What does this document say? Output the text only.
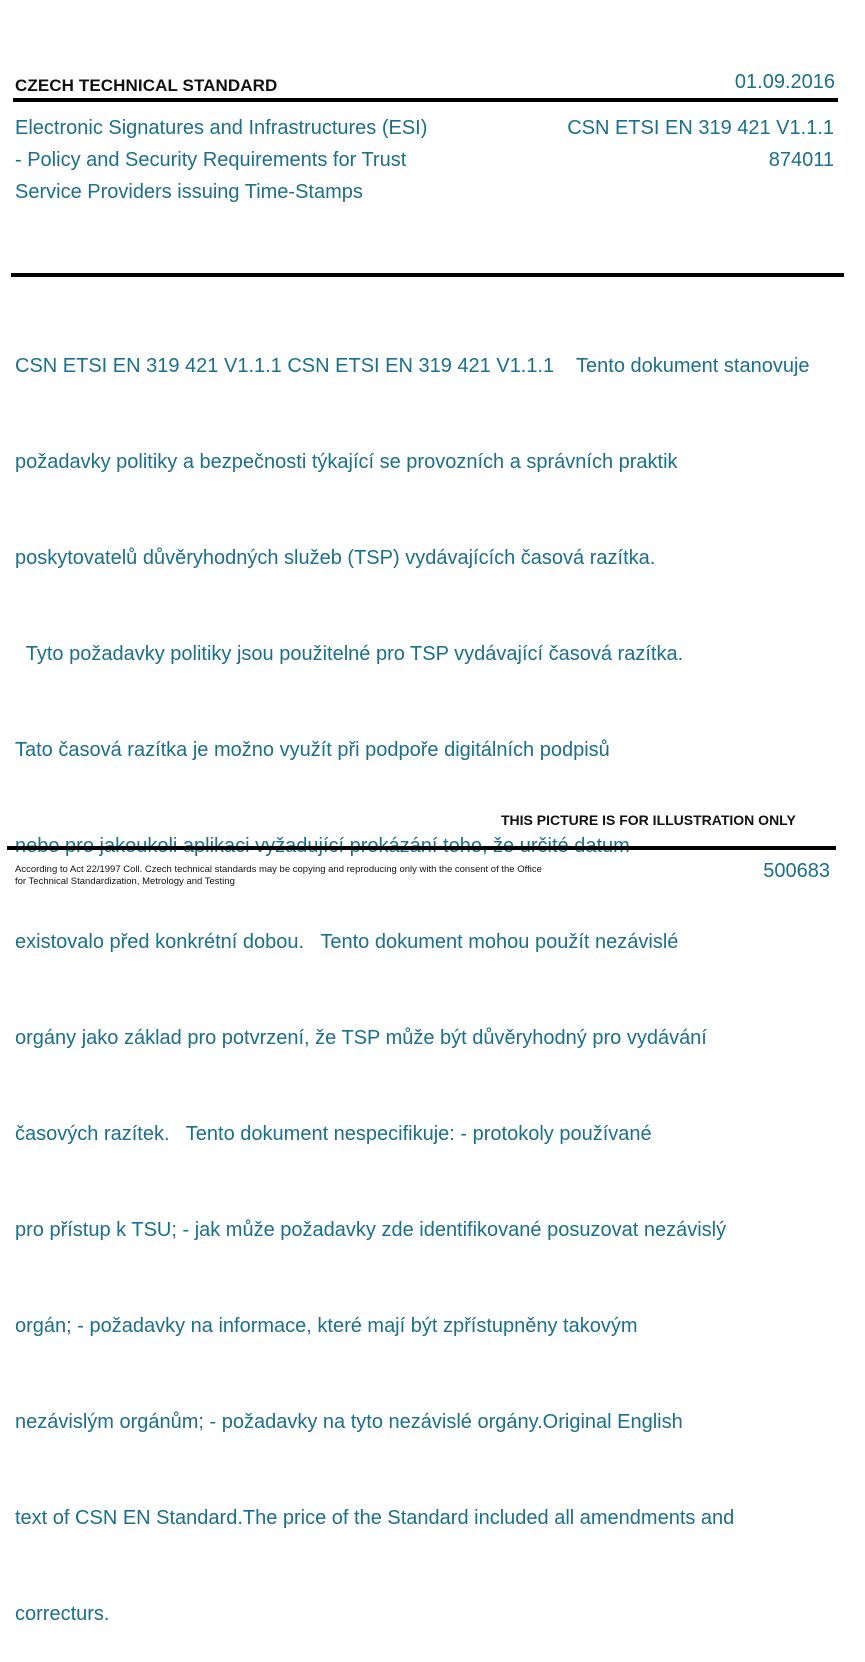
CZECH TECHNICAL STANDARD	01.09.2016
Electronic Signatures and Infrastructures (ESI)
- Policy and Security Requirements for Trust
Service Providers issuing Time-Stamps
CSN ETSI EN 319 421 V1.1.1
874011

CSN ETSI EN 319 421 V1.1.1 CSN ETSI EN 319 421 V1.1.1    Tento dokument stanovuje

požadavky politiky a bezpečnosti týkající se provozních a správních praktik

poskytovatelů důvěryhodných služeb (TSP) vydávajících časová razítka.

Tyto požadavky politiky jsou použitelné pro TSP vydávající časová razítka.

Tato časová razítka je možno využít při podpoře digitálních podpisů

existovalo před konkrétní dobou.   Tento dokument mohou použít nezávislé

orgány jako základ pro potvrzení, že TSP může být důvěryhodný pro vydávání

časových razítek.   Tento dokument nespecifikuje: - protokoly používané

pro přístup k TSU; - jak může požadavky zde identifikované posuzovat nezávislý

orgán; - požadavky na informace, které mají být zpřístupněny takovým

nezávislým orgánům; - požadavky na tyto nezávislé orgány.Original English

text of CSN EN Standard.The price of the Standard included all amendments and

correcturs.

THIS PICTURE IS FOR ILLUSTRATION ONLY
According to Act 22/1997 Coll. Czech technical standards may be copying and reproducing only with the consent of the Office
for Technical Standardization, Metrology and Testing	500683
